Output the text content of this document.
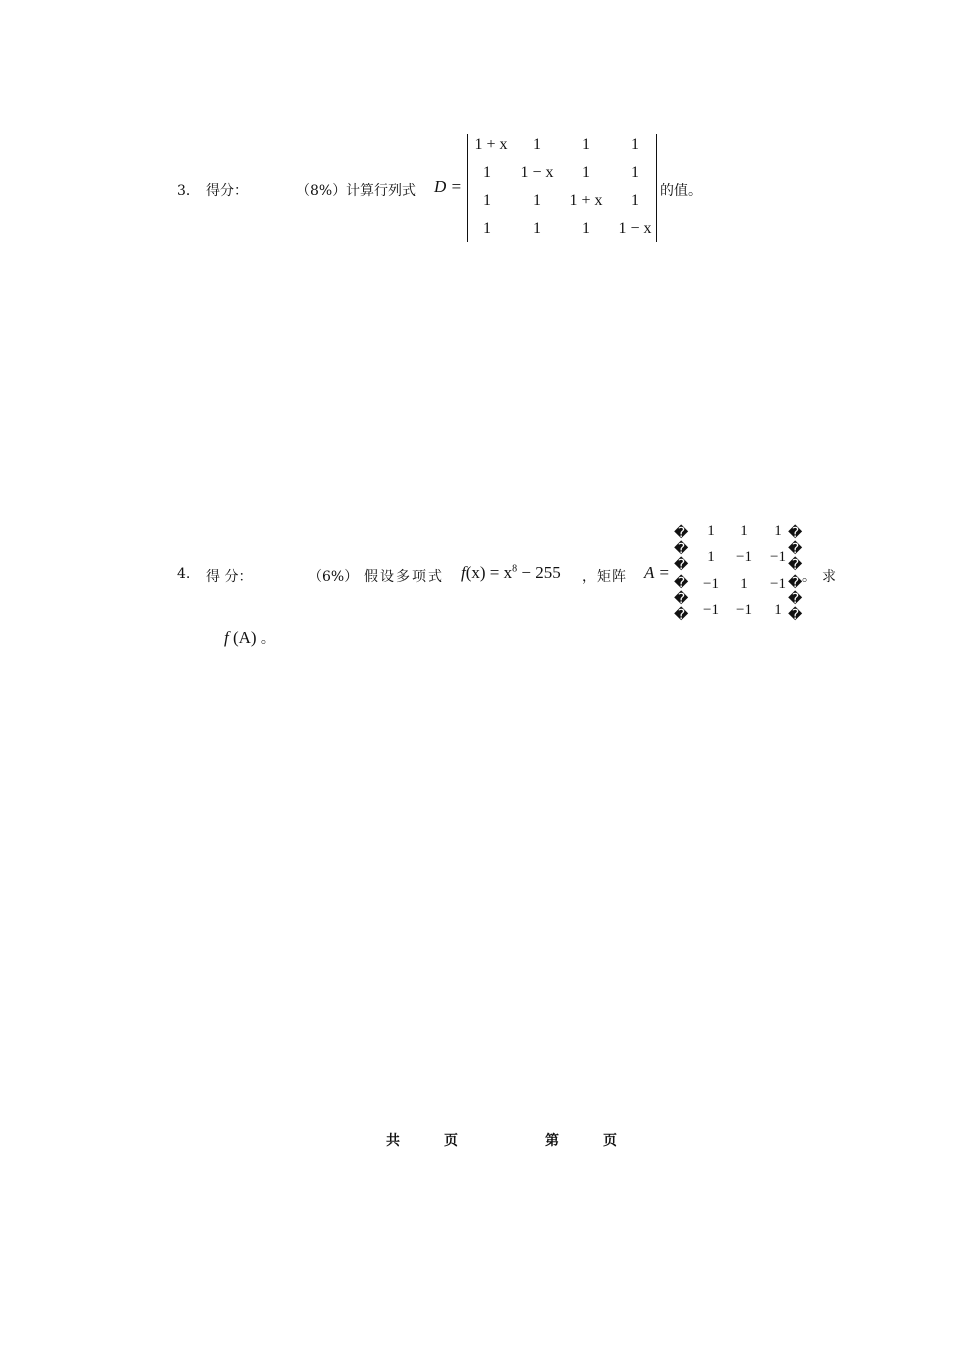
3． 得分：	（8%） 计算行列式 D =
1 + x	1	1	1
1	1 − x	1	1
1	1	1 + x	1
1	1	1	1 − x
的值。
4. 得 分：	（6%） 假设多项式 $f(x) = x^8 - 255$ ，矩阵 A =
�
�
�
�
�
�
�
�
�
�
�
�
1	1	1
1	−1	−1
−1	1	−1
−1	−1	1
。求
f (A) 。
共	页	第	页
